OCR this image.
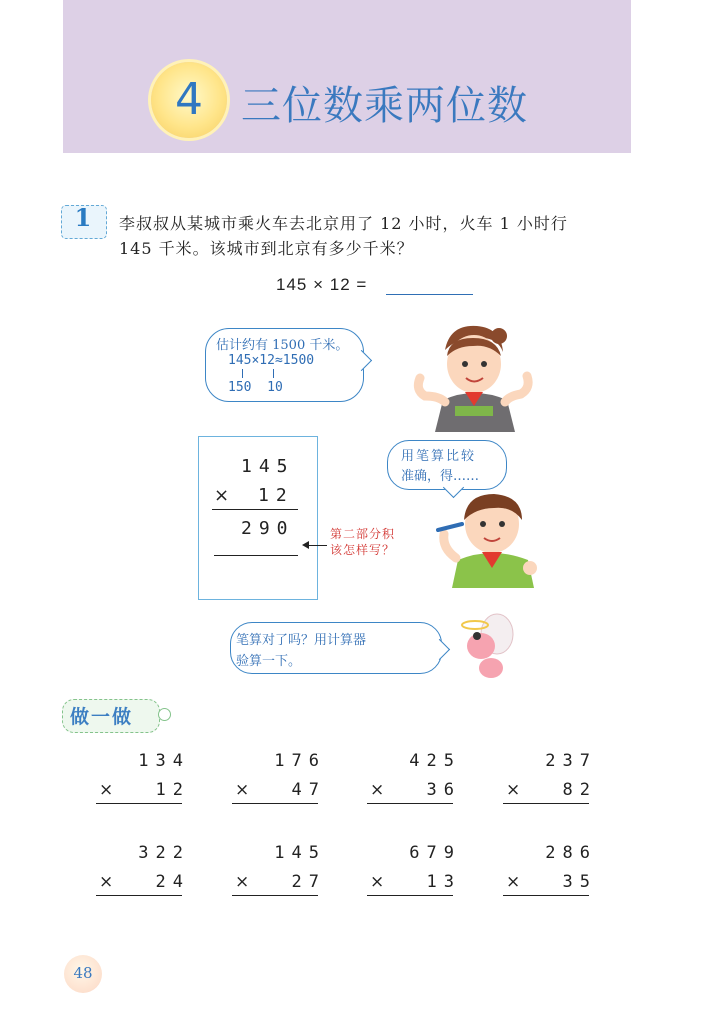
4 三位数乘两位数
1	李叔叔从某城市乘火车去北京用了 12 小时，火车 1 小时行
145 千米。该城市到北京有多少千米？
145 × 12 =
估计约有 1500 千米。
145×12≈1500
150  10
145
× 12
290	第二部分积
该怎样写？
用笔算比较
准确，得……
笔算对了吗？用计算器
验算一下。
做一做
134
× 12
176
× 47
425
× 36
237
× 82
322
× 24
145
× 27
679
× 13
286
× 35
48
